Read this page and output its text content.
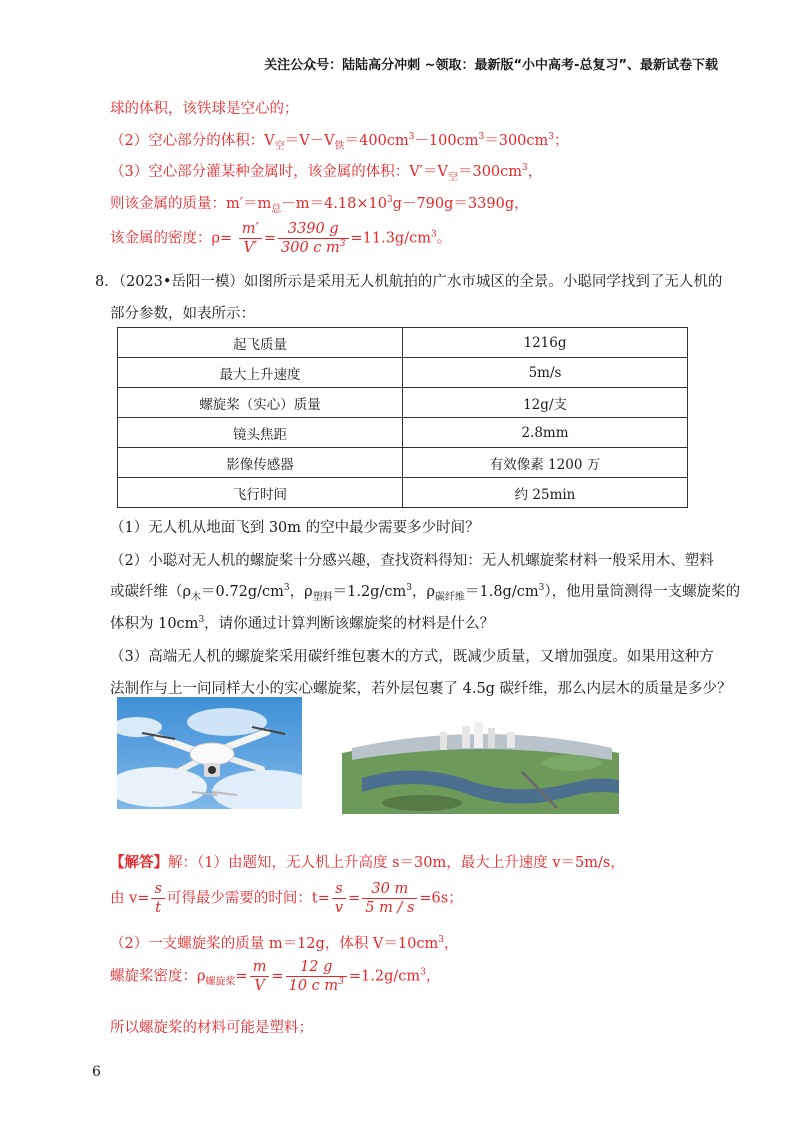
关注公众号：陆陆高分冲刺 ~领取：最新版“小中高考-总复习”、最新试卷下载
球的体积，该铁球是空心的；
（2）空心部分的体积：$V_空=V-V_铁=400cm^3-100cm^3=300cm^3$；
（3）空心部分灌某种金属时，该金属的体积：$V'=V_空=300cm^3$，
则该金属的质量：$m'=m_总-m=4.18\times 10^3g-790g=3390g$，
该金属的密度：$\rho= \frac{m'}{V'} = \frac{3390 g}{300 c m^3} =11.3g/cm^3$。
8．（2023•岳阳一模）如图所示是采用无人机航拍的广水市城区的全景。小聪同学找到了无人机的
部分参数，如表所示：
起飞质量	1216g
最大上升速度	5m/s
螺旋桨（实心）质量	12g/支
镜头焦距	2.8mm
影像传感器	有效像素 1200 万
飞行时间	约 25min
（1）无人机从地面飞到 30m 的空中最少需要多少时间？
（2）小聪对无人机的螺旋桨十分感兴趣，查找资料得知：无人机螺旋桨材料一般采用木、塑料
或碳纤维（$\rho_木=0.72g/cm^3$，$\rho_{塑料}=1.2g/cm^3$，$\rho_{碳纤维}=1.8g/cm^3$），他用量筒测得一支螺旋桨的
体积为 $10cm^3$，请你通过计算判断该螺旋桨的材料是什么？
（3）高端无人机的螺旋桨采用碳纤维包裹木的方式，既减少质量，又增加强度。如果用这种方
法制作与上一问同样大小的实心螺旋桨，若外层包裹了 4.5g 碳纤维，那么内层木的质量是多少？
【解答】解：（1）由题知，无人机上升高度 s＝30m，最大上升速度 v＝5m/s，
由 $v= \frac{s}{t}$ 可得最少需要的时间：$t= \frac{s}{v} = \frac{30 m}{5 m / s} =6s$；
（2）一支螺旋桨的质量 m＝12g，体积 $V=10cm^3$，
螺旋桨密度：$\rho_{螺旋桨}= \frac{m}{V} = \frac{12 g}{10 c m^3} =1.2g/cm^3$，
所以螺旋桨的材料可能是塑料；
6
